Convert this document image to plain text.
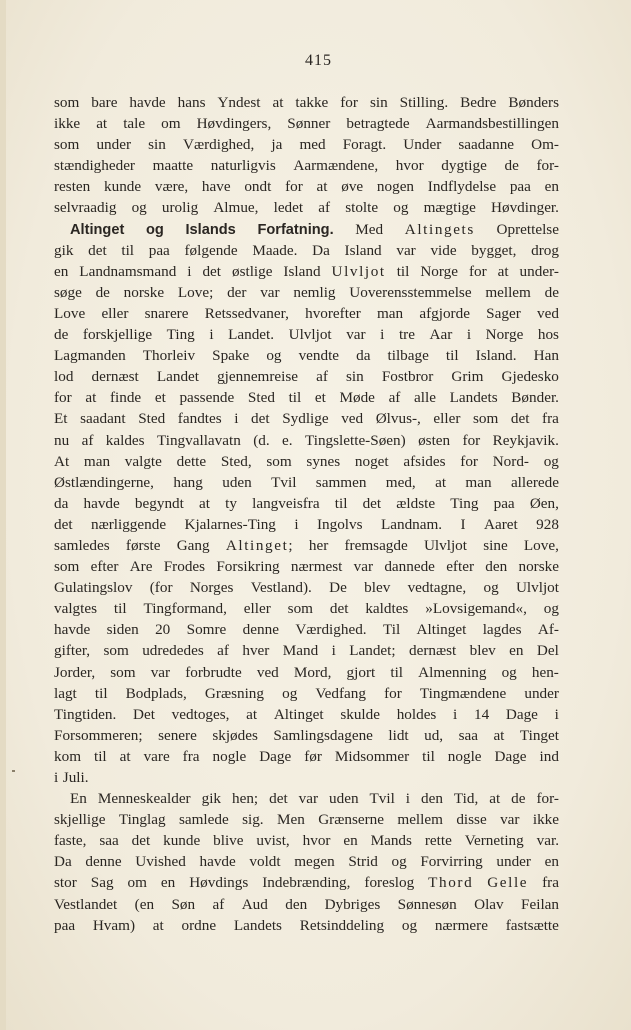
415
som bare havde hans Yndest at takke for sin Stilling. Bedre Bønders
ikke at tale om Høvdingers, Sønner betragtede Aarmandsbestillingen
som under sin Værdighed, ja med Foragt. Under saadanne Om-
stændigheder maatte naturligvis Aarmændene, hvor dygtige de for-
resten kunde være, have ondt for at øve nogen Indflydelse paa en
selvraadig og urolig Almue, ledet af stolte og mægtige Høvdinger.
Altinget og Islands Forfatning. Med Altingets Oprettelse
gik det til paa følgende Maade. Da Island var vide bygget, drog
en Landnamsmand i det østlige Island Ulvljot til Norge for at under-
søge de norske Love; der var nemlig Uoverensstemmelse mellem de
Love eller snarere Retssedvaner, hvorefter man afgjorde Sager ved
de forskjellige Ting i Landet. Ulvljot var i tre Aar i Norge hos
Lagmanden Thorleiv Spake og vendte da tilbage til Island. Han
lod dernæst Landet gjennemreise af sin Fostbror Grim Gjedesko
for at finde et passende Sted til et Møde af alle Landets Bønder.
Et saadant Sted fandtes i det Sydlige ved Ølvus-, eller som det fra
nu af kaldes Tingvallavatn (d. e. Tingslette-Søen) østen for Reykjavik.
At man valgte dette Sted, som synes noget afsides for Nord- og
Østlændingerne, hang uden Tvil sammen med, at man allerede
da havde begyndt at ty langveisfra til det ældste Ting paa Øen,
det nærliggende Kjalarnes-Ting i Ingolvs Landnam. I Aaret 928
samledes første Gang Altinget; her fremsagde Ulvljot sine Love,
som efter Are Frodes Forsikring nærmest var dannede efter den norske
Gulatingslov (for Norges Vestland). De blev vedtagne, og Ulvljot
valgtes til Tingformand, eller som det kaldtes »Lovsigemand«, og
havde siden 20 Somre denne Værdighed. Til Altinget lagdes Af-
gifter, som udrededes af hver Mand i Landet; dernæst blev en Del
Jorder, som var forbrudte ved Mord, gjort til Almenning og hen-
lagt til Bodplads, Græsning og Vedfang for Tingmændene under
Tingtiden. Det vedtoges, at Altinget skulde holdes i 14 Dage i
Forsommeren; senere skjødes Samlingsdagene lidt ud, saa at Tinget
kom til at vare fra nogle Dage før Midsommer til nogle Dage ind
i Juli.
En Menneskealder gik hen; det var uden Tvil i den Tid, at de for-
skjellige Tinglag samlede sig. Men Grænserne mellem disse var ikke
faste, saa det kunde blive uvist, hvor en Mands rette Verneting var.
Da denne Uvished havde voldt megen Strid og Forvirring under en
stor Sag om en Høvdings Indebrænding, foreslog Thord Gelle fra
Vestlandet (en Søn af Aud den Dybriges Sønnesøn Olav Feilan
paa Hvam) at ordne Landets Retsinddeling og nærmere fastsætte
